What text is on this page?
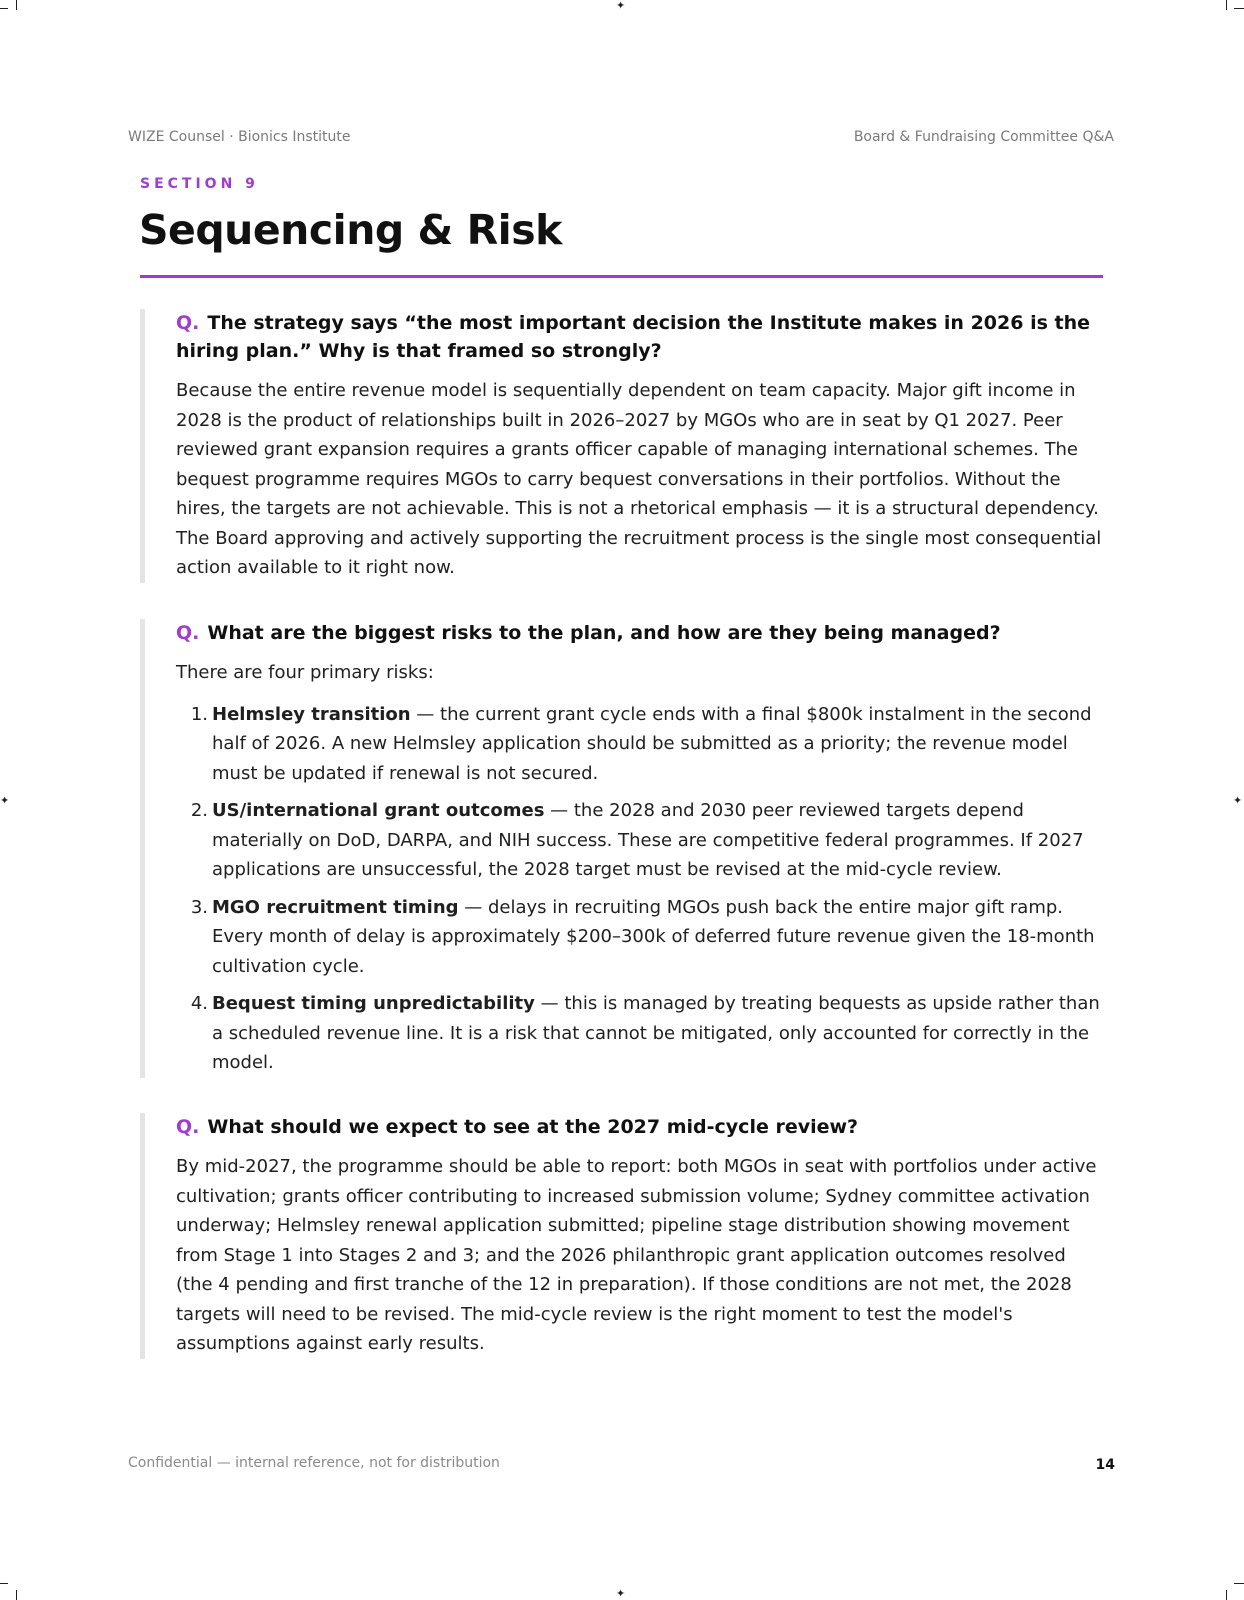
✦
✦
✦	✦
WIZE Counsel · Bionics Institute	Board & Fundraising Committee Q&A
SECTION 9
Sequencing & Risk
Q. The strategy says “the most important decision the Institute makes in 2026 is the hiring plan.” Why is that framed so strongly?

Because the entire revenue model is sequentially dependent on team capacity. Major gift income in 2028 is the product of relationships built in 2026–2027 by MGOs who are in seat by Q1 2027. Peer reviewed grant expansion requires a grants officer capable of managing international schemes. The bequest programme requires MGOs to carry bequest conversations in their portfolios. Without the hires, the targets are not achievable. This is not a rhetorical emphasis — it is a structural dependency. The Board approving and actively supporting the recruitment process is the single most consequential action available to it right now.

Q. What are the biggest risks to the plan, and how are they being managed?

There are four primary risks:

1. Helmsley transition — the current grant cycle ends with a final $800k instalment in the second half of 2026. A new Helmsley application should be submitted as a priority; the revenue model must be updated if renewal is not secured.
2. US/international grant outcomes — the 2028 and 2030 peer reviewed targets depend materially on DoD, DARPA, and NIH success. These are competitive federal programmes. If 2027 applications are unsuccessful, the 2028 target must be revised at the mid-cycle review.
3. MGO recruitment timing — delays in recruiting MGOs push back the entire major gift ramp. Every month of delay is approximately $200–300k of deferred future revenue given the 18-month cultivation cycle.
4. Bequest timing unpredictability — this is managed by treating bequests as upside rather than a scheduled revenue line. It is a risk that cannot be mitigated, only accounted for correctly in the model.
Q. What should we expect to see at the 2027 mid-cycle review?

By mid-2027, the programme should be able to report: both MGOs in seat with portfolios under active cultivation; grants officer contributing to increased submission volume; Sydney committee activation underway; Helmsley renewal application submitted; pipeline stage distribution showing movement from Stage 1 into Stages 2 and 3; and the 2026 philanthropic grant application outcomes resolved (the 4 pending and first tranche of the 12 in preparation). If those conditions are not met, the 2028 targets will need to be revised. The mid-cycle review is the right moment to test the model's assumptions against early results.

Confidential — internal reference, not for distribution	14
